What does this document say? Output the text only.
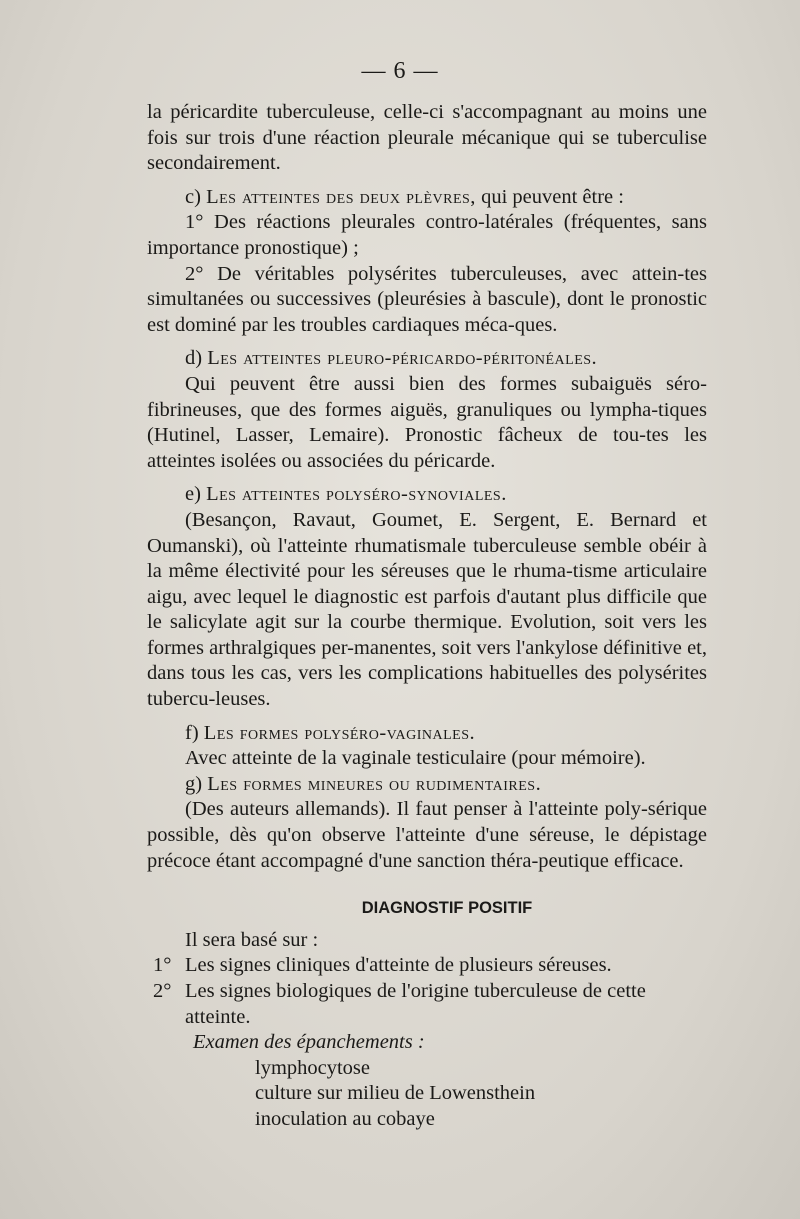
— 6 —

la péricardite tuberculeuse, celle-ci s'accompagnant au moins une fois sur trois d'une réaction pleurale mécanique qui se tuberculise secondairement.

c) Les atteintes des deux plèvres, qui peuvent être :

1° Des réactions pleurales contro-latérales (fréquentes, sans importance pronostique) ;

2° De véritables polysérites tuberculeuses, avec attein-tes simultanées ou successives (pleurésies à bascule), dont le pronostic est dominé par les troubles cardiaques méca-ques.

d) Les atteintes pleuro-péricardo-péritonéales.

Qui peuvent être aussi bien des formes subaiguës séro-fibrineuses, que des formes aiguës, granuliques ou lympha-tiques (Hutinel, Lasser, Lemaire). Pronostic fâcheux de tou-tes les atteintes isolées ou associées du péricarde.

e) Les atteintes polyséro-synoviales.

(Besançon, Ravaut, Goumet, E. Sergent, E. Bernard et Oumanski), où l'atteinte rhumatismale tuberculeuse semble obéir à la même électivité pour les séreuses que le rhuma-tisme articulaire aigu, avec lequel le diagnostic est parfois d'autant plus difficile que le salicylate agit sur la courbe thermique. Evolution, soit vers les formes arthralgiques per-manentes, soit vers l'ankylose définitive et, dans tous les cas, vers les complications habituelles des polysérites tubercu-leuses.

f) Les formes polyséro-vaginales.

Avec atteinte de la vaginale testiculaire (pour mémoire).

g) Les formes mineures ou rudimentaires.

(Des auteurs allemands). Il faut penser à l'atteinte poly-sérique possible, dès qu'on observe l'atteinte d'une séreuse, le dépistage précoce étant accompagné d'une sanction théra-peutique efficace.

DIAGNOSTIF POSITIF

Il sera basé sur :

1° Les signes cliniques d'atteinte de plusieurs séreuses.
2° Les signes biologiques de l'origine tuberculeuse de cette atteinte.
Examen des épanchements :
lymphocytose
culture sur milieu de Lowensthein
inoculation au cobaye
